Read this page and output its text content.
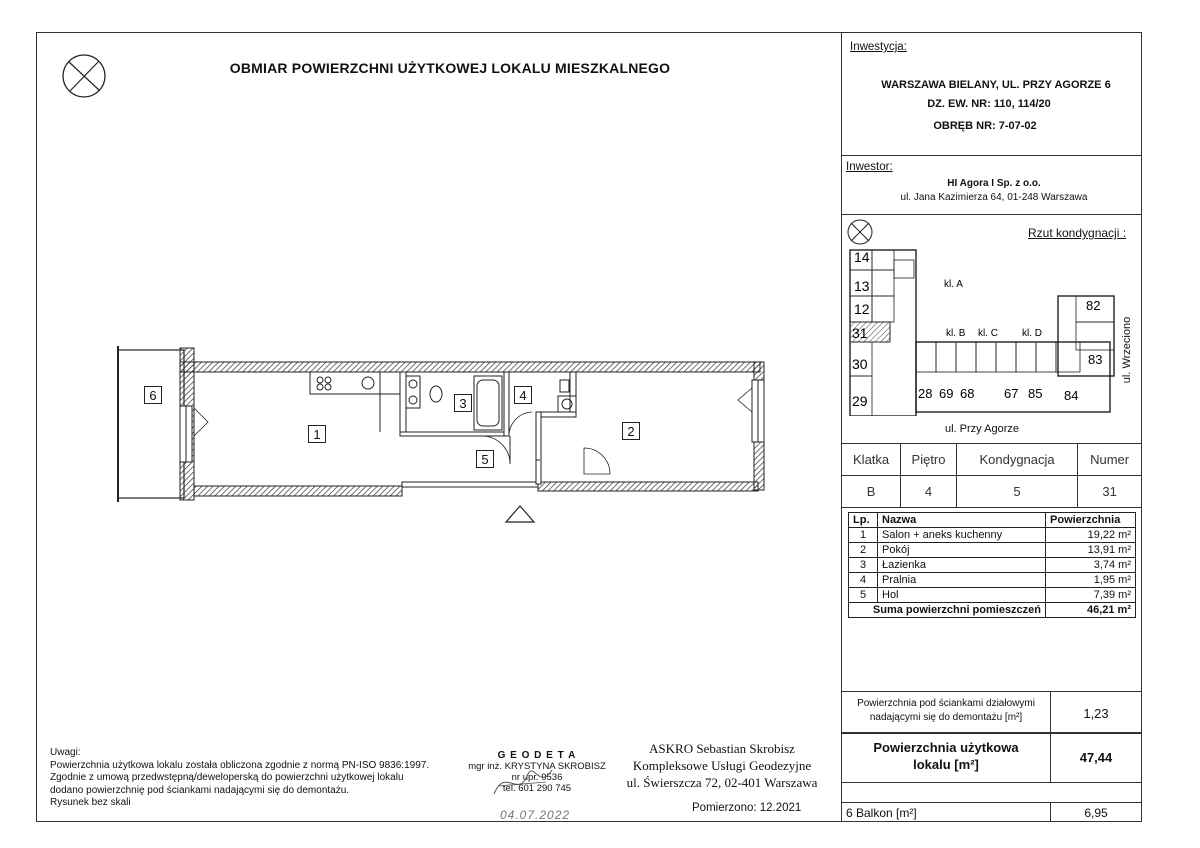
OBMIAR POWIERZCHNI UŻYTKOWEJ LOKALU MIESZKALNEGO
6
1	2
3
4
5
Inwestycja:
WARSZAWA BIELANY, UL. PRZY AGORZE 6
DZ. EW. NR: 110, 114/20
OBRĘB NR: 7-07-02
Inwestor:
HI Agora I Sp. z o.o.
ul. Jana Kazimierza 64, 01-248 Warszawa
Rzut kondygnacji :
14
13
12
31
30
29	28 69 68 67 85 84
83
82
kl. A
kl. B kl. C kl. D
ul. Przy Agorze
ul. Wrzeciono
Klatka	Piętro	Kondygnacja	Numer
B	4	5	31
Lp.	Nazwa	Powierzchnia
1	Salon + aneks kuchenny	19,22 m²
2	Pokój	13,91 m²
3	Łazienka	3,74 m²
4	Pralnia	1,95 m²
5	Hol	7,39 m²
Suma powierzchni pomieszczeń		46,21 m²
Powierzchnia pod ściankami działowymi nadającymi się do demontażu [m²]	1,23
Powierzchnia użytkowa
lokalu [m²]	47,44
6 Balkon [m²]	6,95
Uwagi:
Powierzchnia użytkowa lokalu została obliczona zgodnie z normą PN-ISO 9836:1997.
Zgodnie z umową przedwstępną/deweloperską do powierzchni użytkowej lokalu
dodano powierzchnię pod ściankami nadającymi się do demontażu.
Rysunek bez skali
G E O D E T A
mgr inż. KRYSTYNA SKROBISZ
nr upr. 9536
tel. 601 290 745
04.07.2022
ASKRO Sebastian Skrobisz
Kompleksowe Usługi Geodezyjne
ul. Świerszcza 72, 02-401 Warszawa
Pomierzono: 12.2021
